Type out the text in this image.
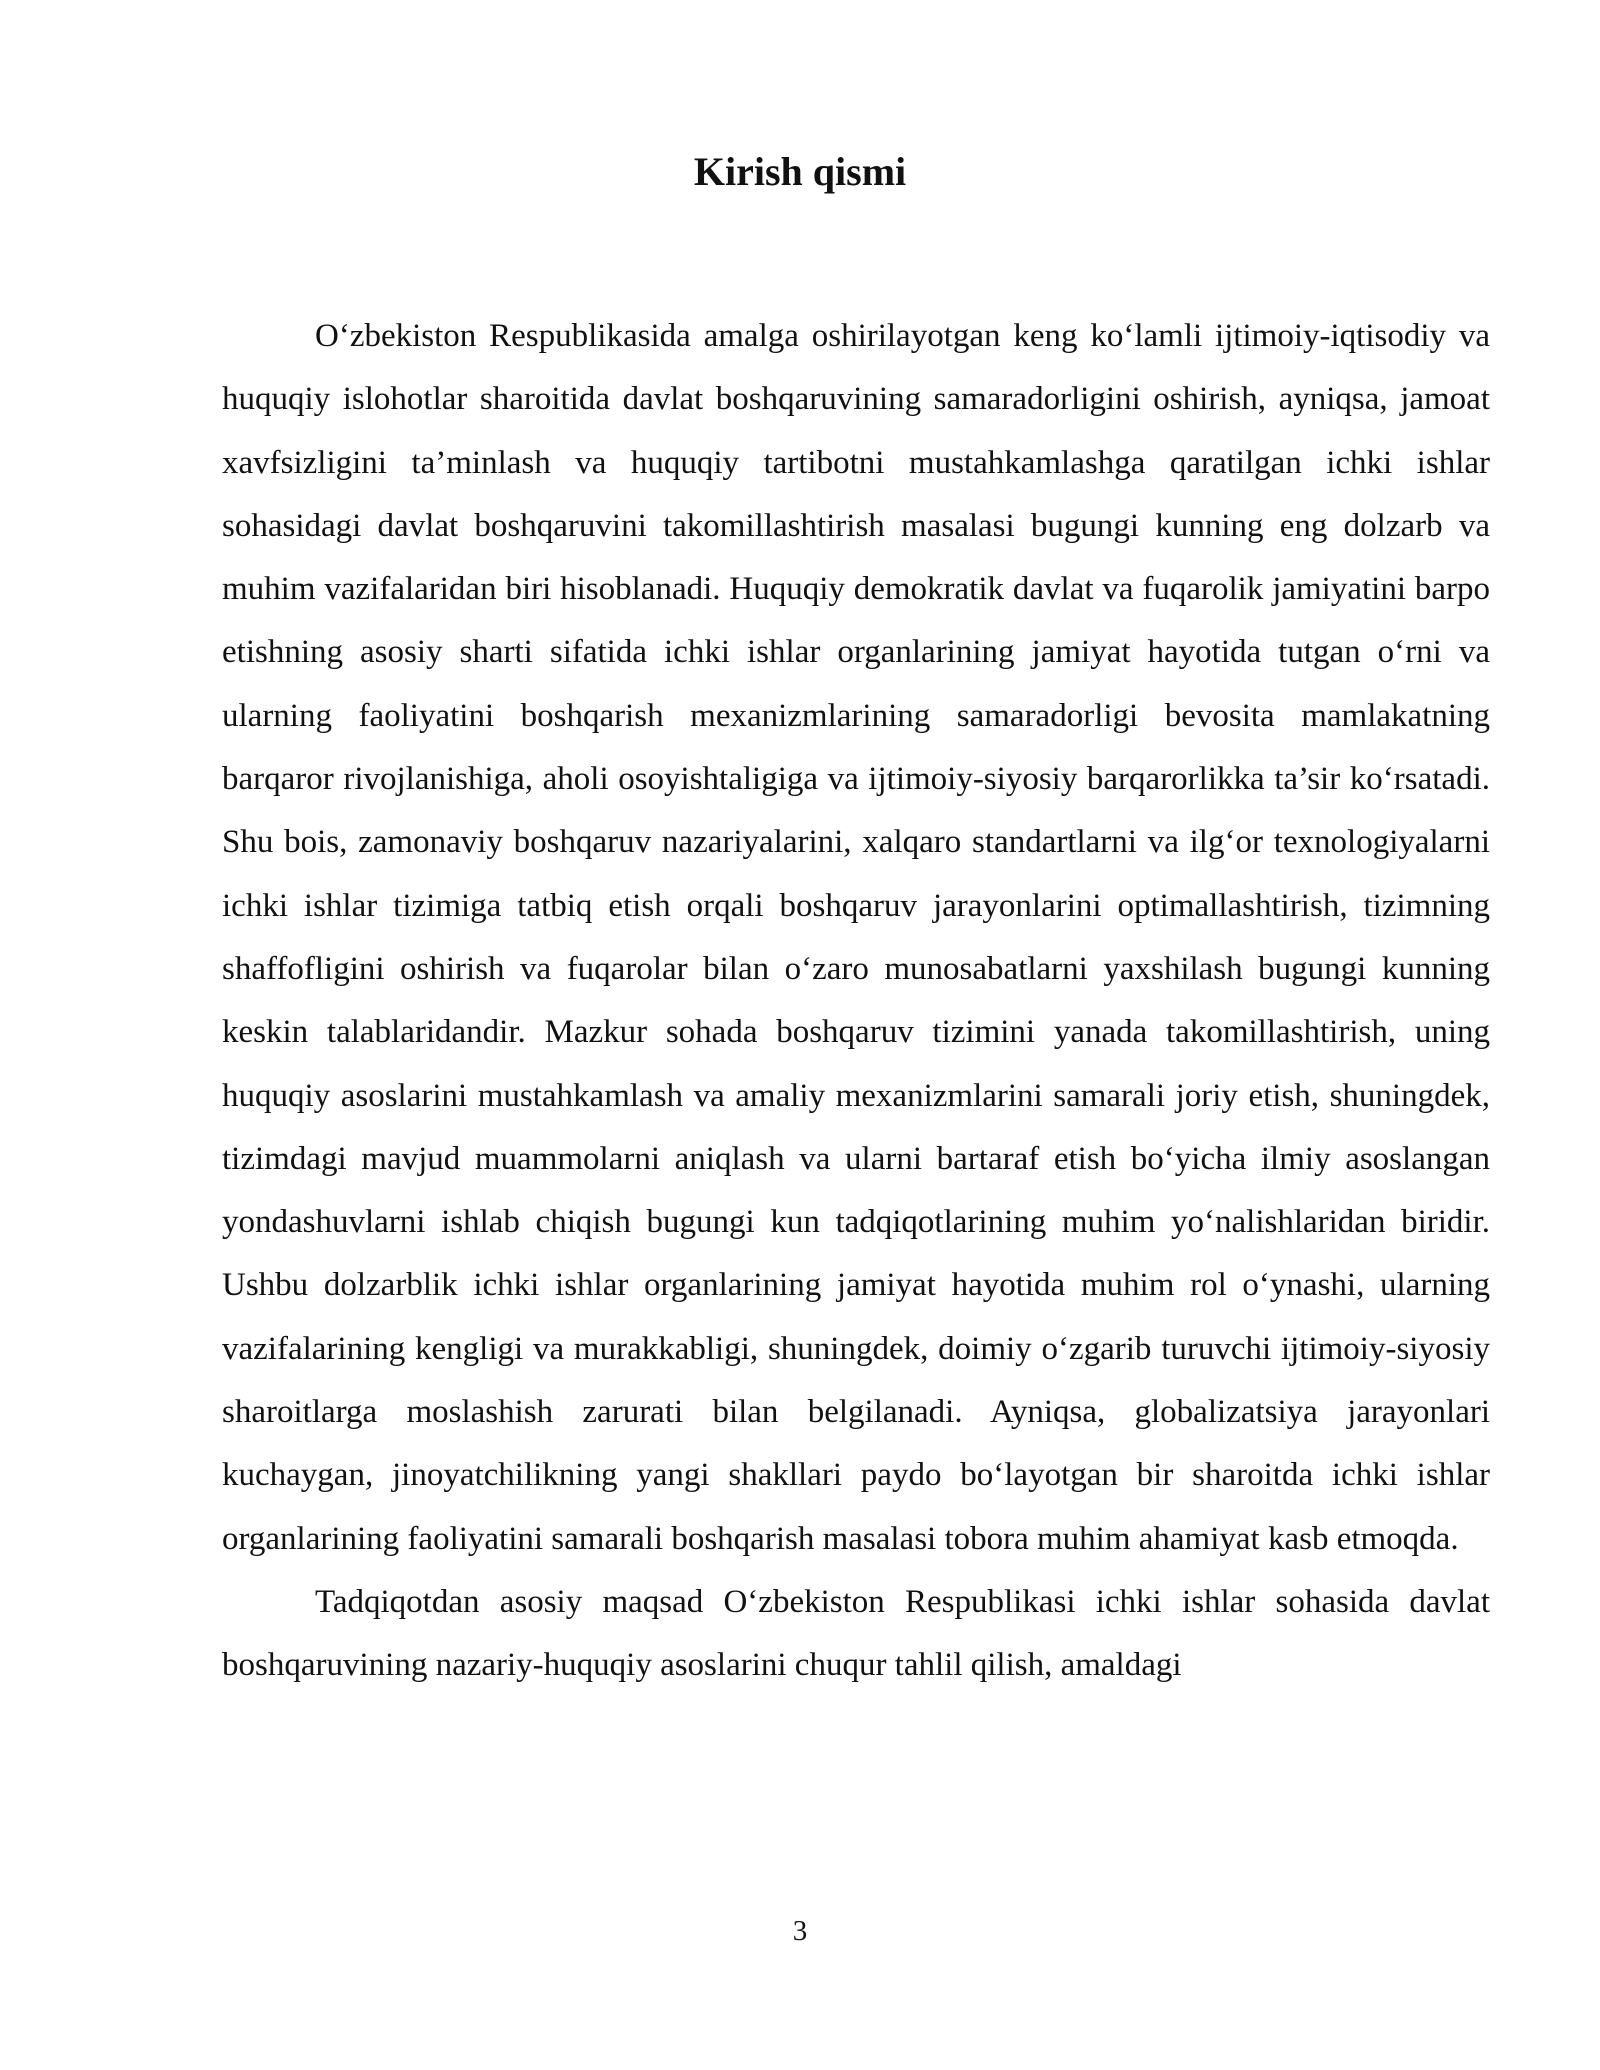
Kirish qismi

O‘zbekiston Respublikasida amalga oshirilayotgan keng ko‘lamli ijtimoiy-iqtisodiy va huquqiy islohotlar sharoitida davlat boshqaruvining samaradorligini oshirish, ayniqsa, jamoat xavfsizligini ta’minlash va huquqiy tartibotni mustahkamlashga qaratilgan ichki ishlar sohasidagi davlat boshqaruvini takomillashtirish masalasi bugungi kunning eng dolzarb va muhim vazifalaridan biri hisoblanadi. Huquqiy demokratik davlat va fuqarolik jamiyatini barpo etishning asosiy sharti sifatida ichki ishlar organlarining jamiyat hayotida tutgan o‘rni va ularning faoliyatini boshqarish mexanizmlarining samaradorligi bevosita mamlakatning barqaror rivojlanishiga, aholi osoyishtaligiga va ijtimoiy-siyosiy barqarorlikka ta’sir ko‘rsatadi. Shu bois, zamonaviy boshqaruv nazariyalarini, xalqaro standartlarni va ilg‘or texnologiyalarni ichki ishlar tizimiga tatbiq etish orqali boshqaruv jarayonlarini optimallashtirish, tizimning shaffofligini oshirish va fuqarolar bilan o‘zaro munosabatlarni yaxshilash bugungi kunning keskin talablaridandir. Mazkur sohada boshqaruv tizimini yanada takomillashtirish, uning huquqiy asoslarini mustahkamlash va amaliy mexanizmlarini samarali joriy etish, shuningdek, tizimdagi mavjud muammolarni aniqlash va ularni bartaraf etish bo‘yicha ilmiy asoslangan yondashuvlarni ishlab chiqish bugungi kun tadqiqotlarining muhim yo‘nalishlaridan biridir. Ushbu dolzarblik ichki ishlar organlarining jamiyat hayotida muhim rol o‘ynashi, ularning vazifalarining kengligi va murakkabligi, shuningdek, doimiy o‘zgarib turuvchi ijtimoiy-siyosiy sharoitlarga moslashish zarurati bilan belgilanadi. Ayniqsa, globalizatsiya jarayonlari kuchaygan, jinoyatchilikning yangi shakllari paydo bo‘layotgan bir sharoitda ichki ishlar organlarining faoliyatini samarali boshqarish masalasi tobora muhim ahamiyat kasb etmoqda.

Tadqiqotdan asosiy maqsad O‘zbekiston Respublikasi ichki ishlar sohasida davlat boshqaruvining nazariy-huquqiy asoslarini chuqur tahlil qilish, amaldagi

3
